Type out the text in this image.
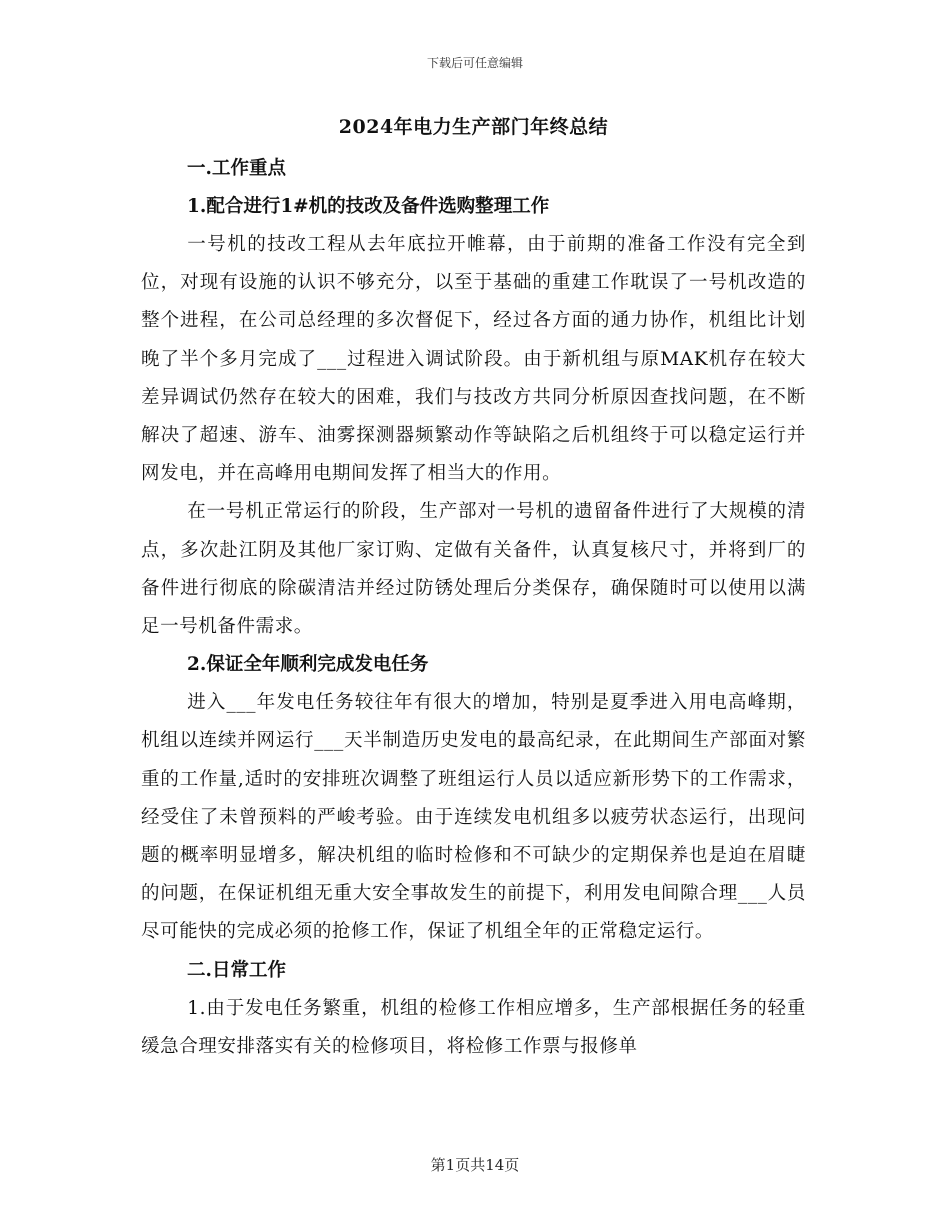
下载后可任意编辑
2024年电力生产部门年终总结
一.工作重点
1.配合进行1#机的技改及备件选购整理工作

一号机的技改工程从去年底拉开帷幕，由于前期的准备工作没有完全到位，对现有设施的认识不够充分，以至于基础的重建工作耽误了一号机改造的整个进程，在公司总经理的多次督促下，经过各方面的通力协作，机组比计划晚了半个多月完成了___过程进入调试阶段。由于新机组与原MAK机存在较大差异调试仍然存在较大的困难，我们与技改方共同分析原因查找问题，在不断解决了超速、游车、油雾探测器频繁动作等缺陷之后机组终于可以稳定运行并网发电，并在高峰用电期间发挥了相当大的作用。

在一号机正常运行的阶段，生产部对一号机的遗留备件进行了大规模的清点，多次赴江阴及其他厂家订购、定做有关备件，认真复核尺寸，并将到厂的备件进行彻底的除碳清洁并经过防锈处理后分类保存，确保随时可以使用以满足一号机备件需求。

2.保证全年顺利完成发电任务

进入___年发电任务较往年有很大的增加，特别是夏季进入用电高峰期，机组以连续并网运行___天半制造历史发电的最高纪录，在此期间生产部面对繁重的工作量,适时的安排班次调整了班组运行人员以适应新形势下的工作需求，经受住了未曾预料的严峻考验。由于连续发电机组多以疲劳状态运行，出现问题的概率明显增多，解决机组的临时检修和不可缺少的定期保养也是迫在眉睫的问题，在保证机组无重大安全事故发生的前提下，利用发电间隙合理___人员尽可能快的完成必须的抢修工作，保证了机组全年的正常稳定运行。

二.日常工作

1.由于发电任务繁重，机组的检修工作相应增多，生产部根据任务的轻重缓急合理安排落实有关的检修项目，将检修工作票与报修单

第1页共14页
